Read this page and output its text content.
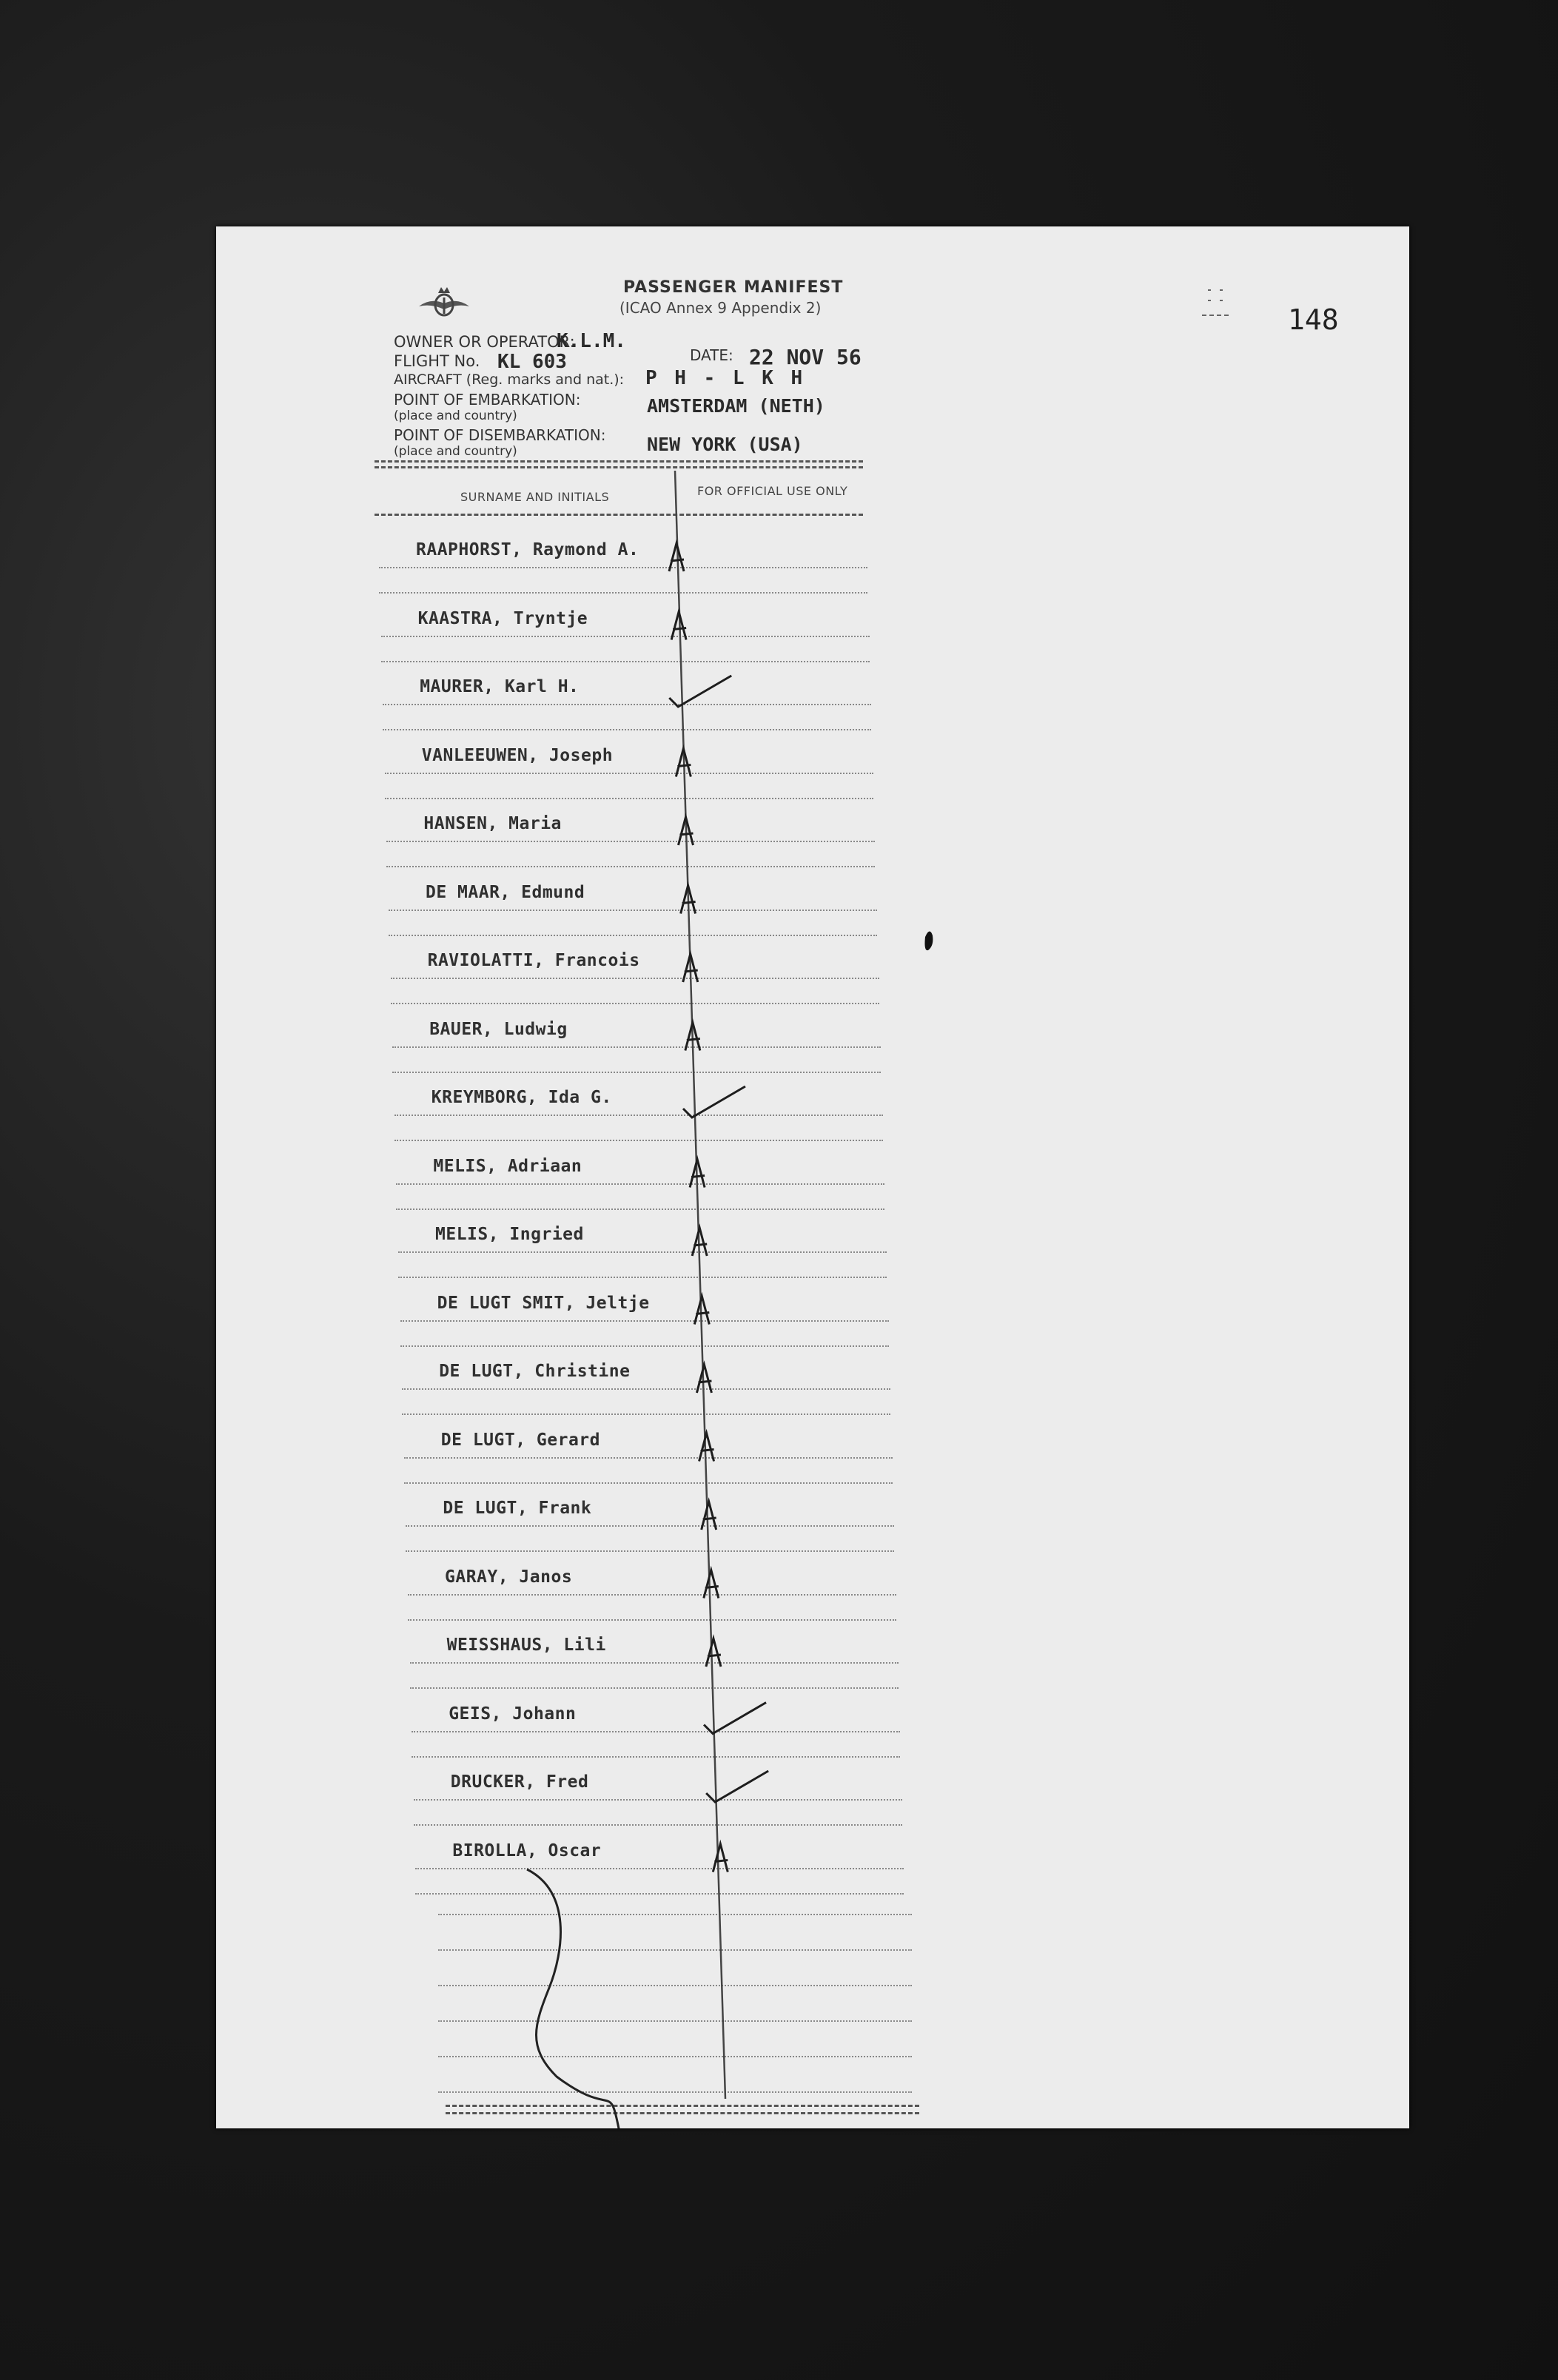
PASSENGER MANIFEST
(ICAO Annex 9 Appendix 2)	148
OWNER OR OPERATOR:
K.L.M.
FLIGHT No. KL 603	DATE: 22 NOV 56
AIRCRAFT (Reg. marks and nat.): P H - L K H
POINT OF EMBARKATION:
(place and country)	AMSTERDAM (NETH)
POINT OF DISEMBARKATION:
(place and country)	NEW YORK (USA)
SURNAME AND INITIALS	FOR OFFICIAL USE ONLY
RAAPHORST, Raymond A.
KAASTRA, Tryntje
MAURER, Karl H.
VANLEEUWEN, Joseph
HANSEN, Maria
DE MAAR, Edmund
RAVIOLATTI, Francois
BAUER, Ludwig
KREYMBORG, Ida G.
MELIS, Adriaan
MELIS, Ingried
DE LUGT SMIT, Jeltje
DE LUGT, Christine
DE LUGT, Gerard
DE LUGT, Frank
GARAY, Janos
WEISSHAUS, Lili
GEIS, Johann
DRUCKER, Fred
BIROLLA, Oscar
